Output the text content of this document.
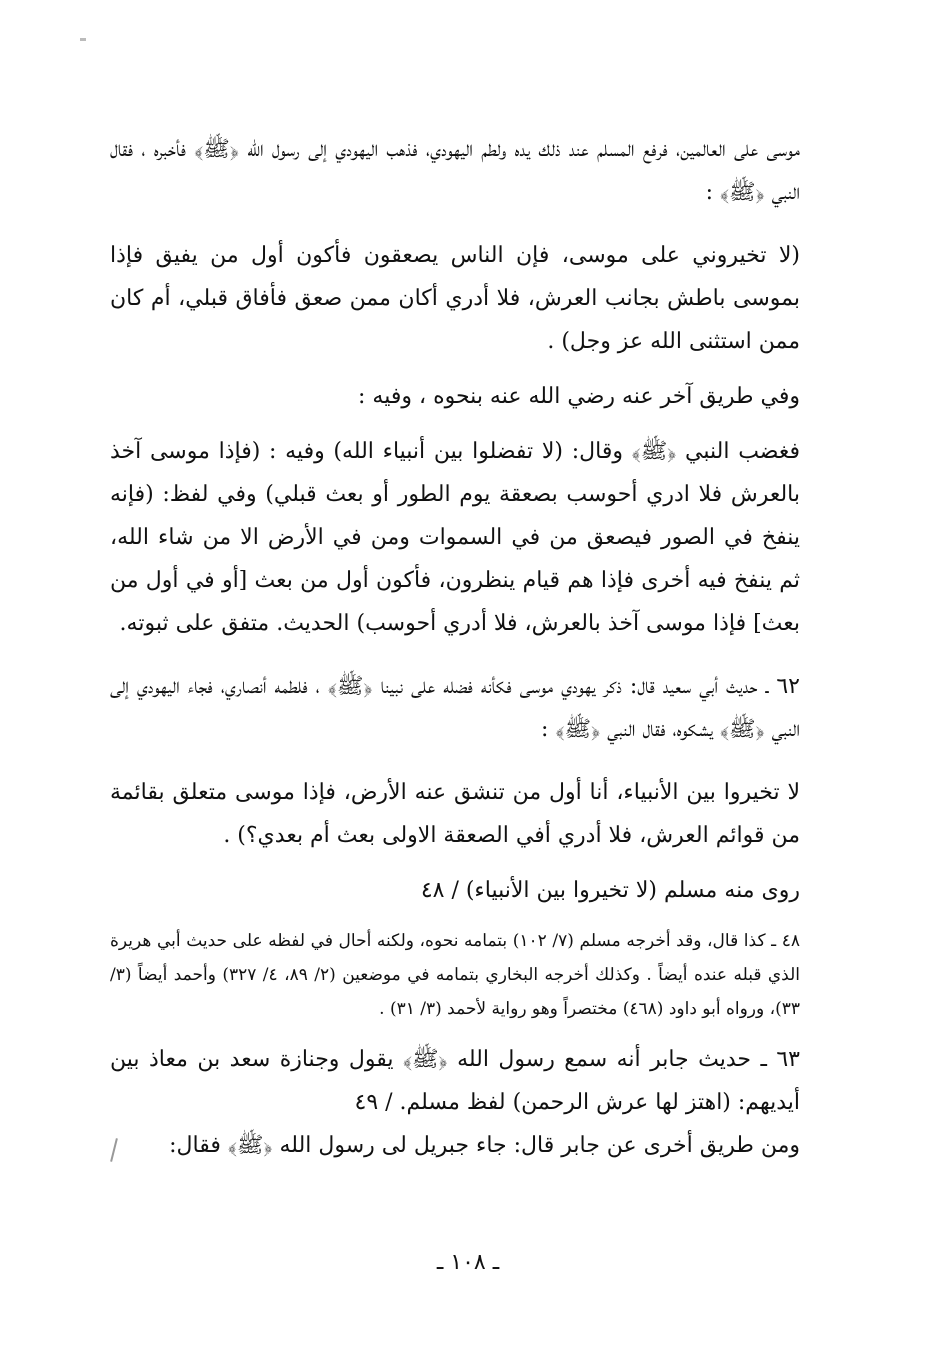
موسى على العالمين، فرفع المسلم عند ذلك يده ولطم اليهودي، فذهب اليهودي إلى رسول الله ﴿ﷺ﴾ فأخبره ، فقال النبي ﴿ﷺ﴾ :

(لا تخيروني على موسى، فإن الناس يصعقون فأكون أول من يفيق فإذا بموسى باطش بجانب العرش، فلا أدري أكان ممن صعق فأفاق قبلي، أم كان ممن استثنى الله عز وجل) .

وفي طريق آخر عنه رضي الله عنه بنحوه ، وفيه :

فغضب النبي ﴿ﷺ﴾ وقال: (لا تفضلوا بين أنبياء الله) وفيه : (فإذا موسى آخذ بالعرش فلا ادري أحوسب بصعقة يوم الطور أو بعث قبلي) وفي لفظ: (فإنه ينفخ في الصور فيصعق من في السموات ومن في الأرض الا من شاء الله، ثم ينفخ فيه أخرى فإذا هم قيام ينظرون، فأكون أول من بعث [أو في أول من بعث] فإذا موسى آخذ بالعرش، فلا أدري أحوسب) الحديث. متفق على ثبوته.

٦٢ ـ حديث أبي سعيد قال: ذكر يهودي موسى فكأنه فضله على نبينا ﴿ﷺ﴾ ، فلطمه أنصاري، فجاء اليهودي إلى النبي ﴿ﷺ﴾ يشكوه، فقال النبي ﴿ﷺ﴾ :

لا تخيروا بين الأنبياء، أنا أول من تنشق عنه الأرض، فإذا موسى متعلق بقائمة من قوائم العرش، فلا أدري أفي الصعقة الاولى بعث أم بعدي؟) .

روى منه مسلم (لا تخيروا بين الأنبياء) / ٤٨

٤٨ ـ كذا قال، وقد أخرجه مسلم (٧/ ١٠٢) بتمامه نحوه، ولكنه أحال في لفظه على حديث أبي هريرة الذي قبله عنده أيضاً . وكذلك أخرجه البخاري بتمامه في موضعين (٢/ ٨٩، ٤/ ٣٢٧) وأحمد أيضاً (٣/ ٣٣)، ورواه أبو داود (٤٦٨) مختصراً وهو رواية لأحمد (٣/ ٣١) .

٦٣ ـ حديث جابر أنه سمع رسول الله ﴿ﷺ﴾ يقول وجنازة سعد بن معاذ بين أيديهم: (اهتز لها عرش الرحمن) لفظ مسلم. / ٤٩

ومن طريق أخرى عن جابر قال: جاء جبريل لى رسول الله ﴿ﷺ﴾ فقال:

ـ ١٠٨ ـ
